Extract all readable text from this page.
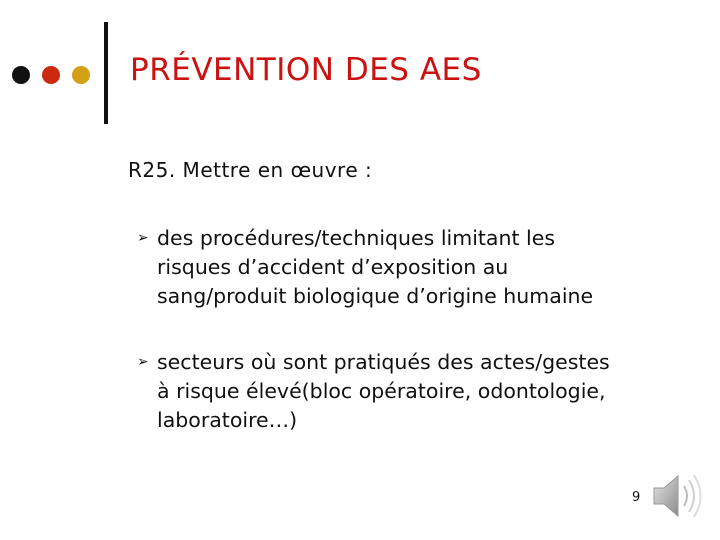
PRÉVENTION DES AES
R25. Mettre en œuvre :
➢ des procédures/techniques limitant les
risques d’accident d’exposition au
sang/produit biologique d’origine humaine
➢ secteurs où sont pratiqués des actes/gestes
à risque élevé(bloc opératoire, odontologie,
laboratoire…)
9
